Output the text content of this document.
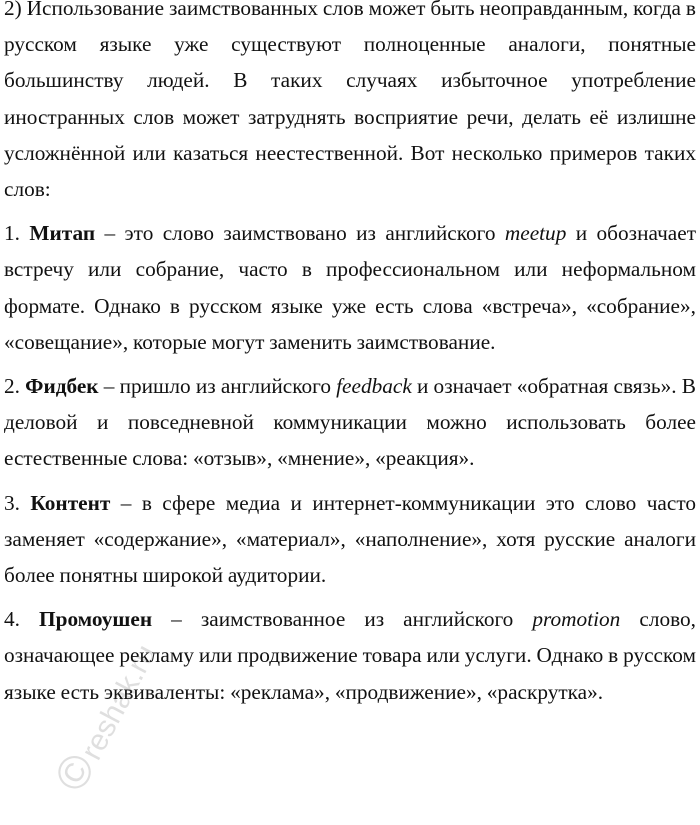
2) Использование заимствованных слов может быть неоправданным, когда в русском языке уже существуют полноценные аналоги, понятные большинству людей. В таких случаях избыточное употребление иностранных слов может затруднять восприятие речи, делать её излишне усложнённой или казаться неестественной. Вот несколько примеров таких слов:

1. Митап – это слово заимствовано из английского meetup и обозначает встречу или собрание, часто в профессиональном или неформальном формате. Однако в русском языке уже есть слова «встреча», «собрание», «совещание», которые могут заменить заимствование.

2. Фидбек – пришло из английского feedback и означает «обратная связь». В деловой и повседневной коммуникации можно использовать более естественные слова: «отзыв», «мнение», «реакция».

3. Контент – в сфере медиа и интернет-коммуникации это слово часто заменяет «содержание», «материал», «наполнение», хотя русские аналоги более понятны широкой аудитории.

4. Промоушен – заимствованное из английского promotion слово, означающее рекламу или продвижение товара или услуги. Однако в русском языке есть эквиваленты: «реклама», «продвижение», «раскрутка».

©
reshak.ru
